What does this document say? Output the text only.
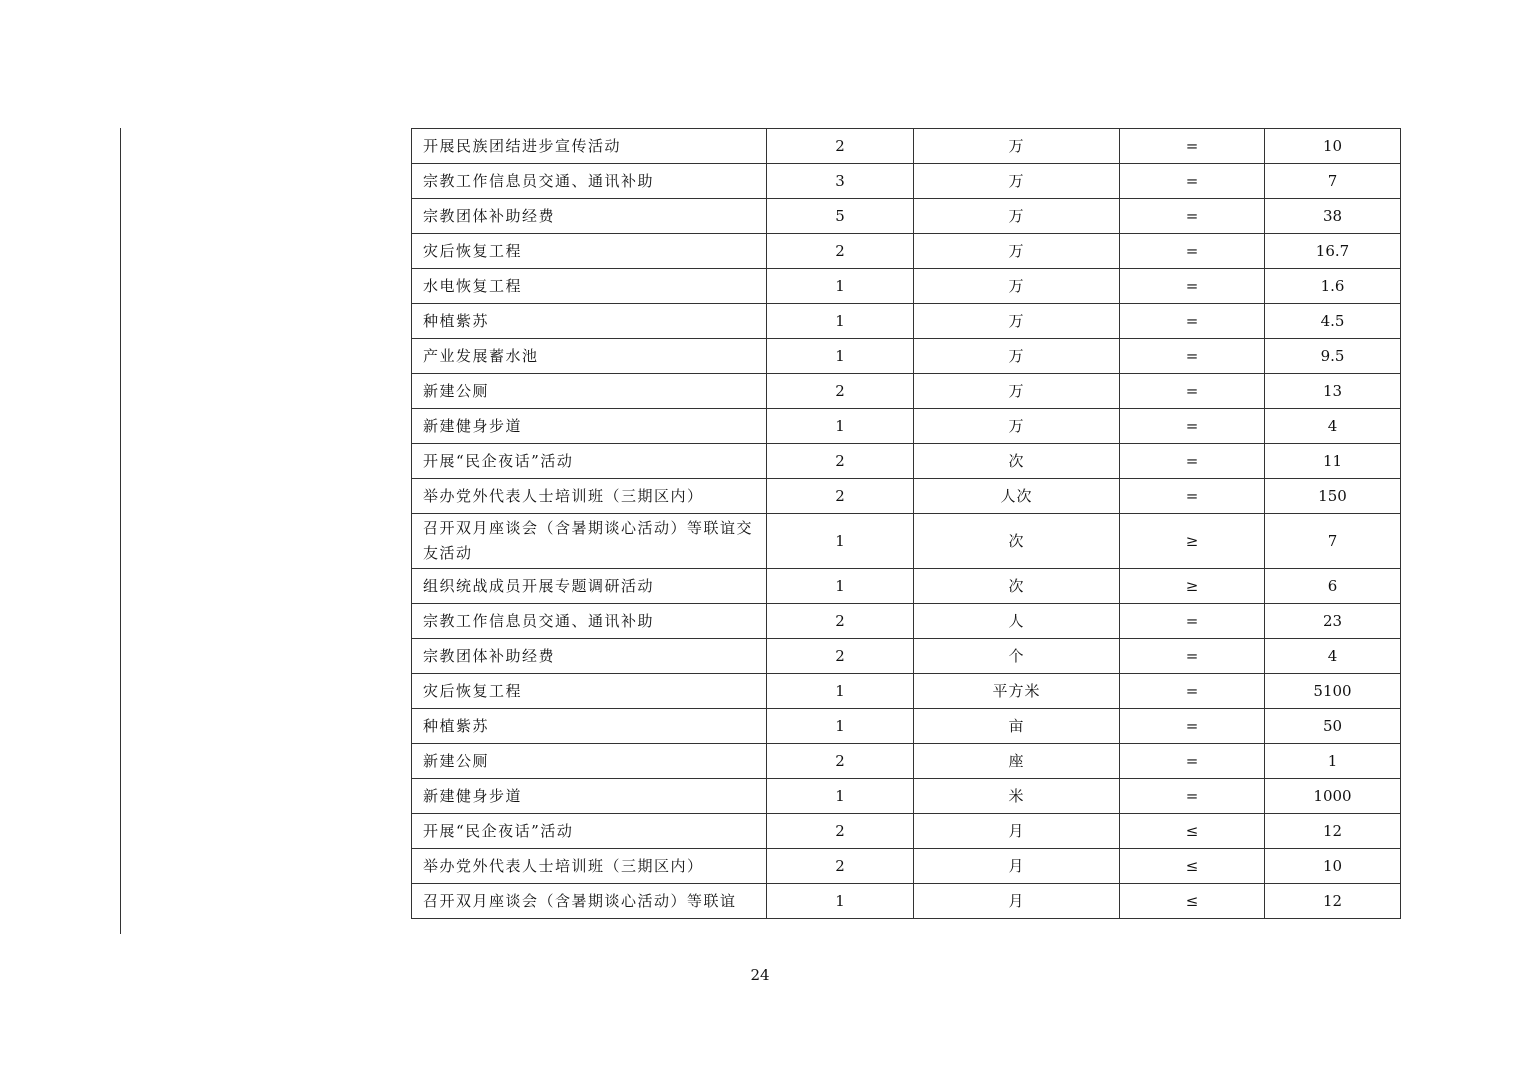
开展民族团结进步宣传活动	2	万	=	10
宗教工作信息员交通、通讯补助	3	万	=	7
宗教团体补助经费	5	万	=	38
灾后恢复工程	2	万	=	16.7
水电恢复工程	1	万	=	1.6
种植紫苏	1	万	=	4.5
产业发展蓄水池	1	万	=	9.5
新建公厕	2	万	=	13
新建健身步道	1	万	=	4
开展“民企夜话”活动	2	次	=	11
举办党外代表人士培训班（三期区内）	2	人次	=	150
召开双月座谈会（含暑期谈心活动）等联谊交友活动	1	次	≥	7
组织统战成员开展专题调研活动	1	次	≥	6
宗教工作信息员交通、通讯补助	2	人	=	23
宗教团体补助经费	2	个	=	4
灾后恢复工程	1	平方米	=	5100
种植紫苏	1	亩	=	50
新建公厕	2	座	=	1
新建健身步道	1	米	=	1000
开展“民企夜话”活动	2	月	≤	12
举办党外代表人士培训班（三期区内）	2	月	≤	10
召开双月座谈会（含暑期谈心活动）等联谊	1	月	≤	12
24
